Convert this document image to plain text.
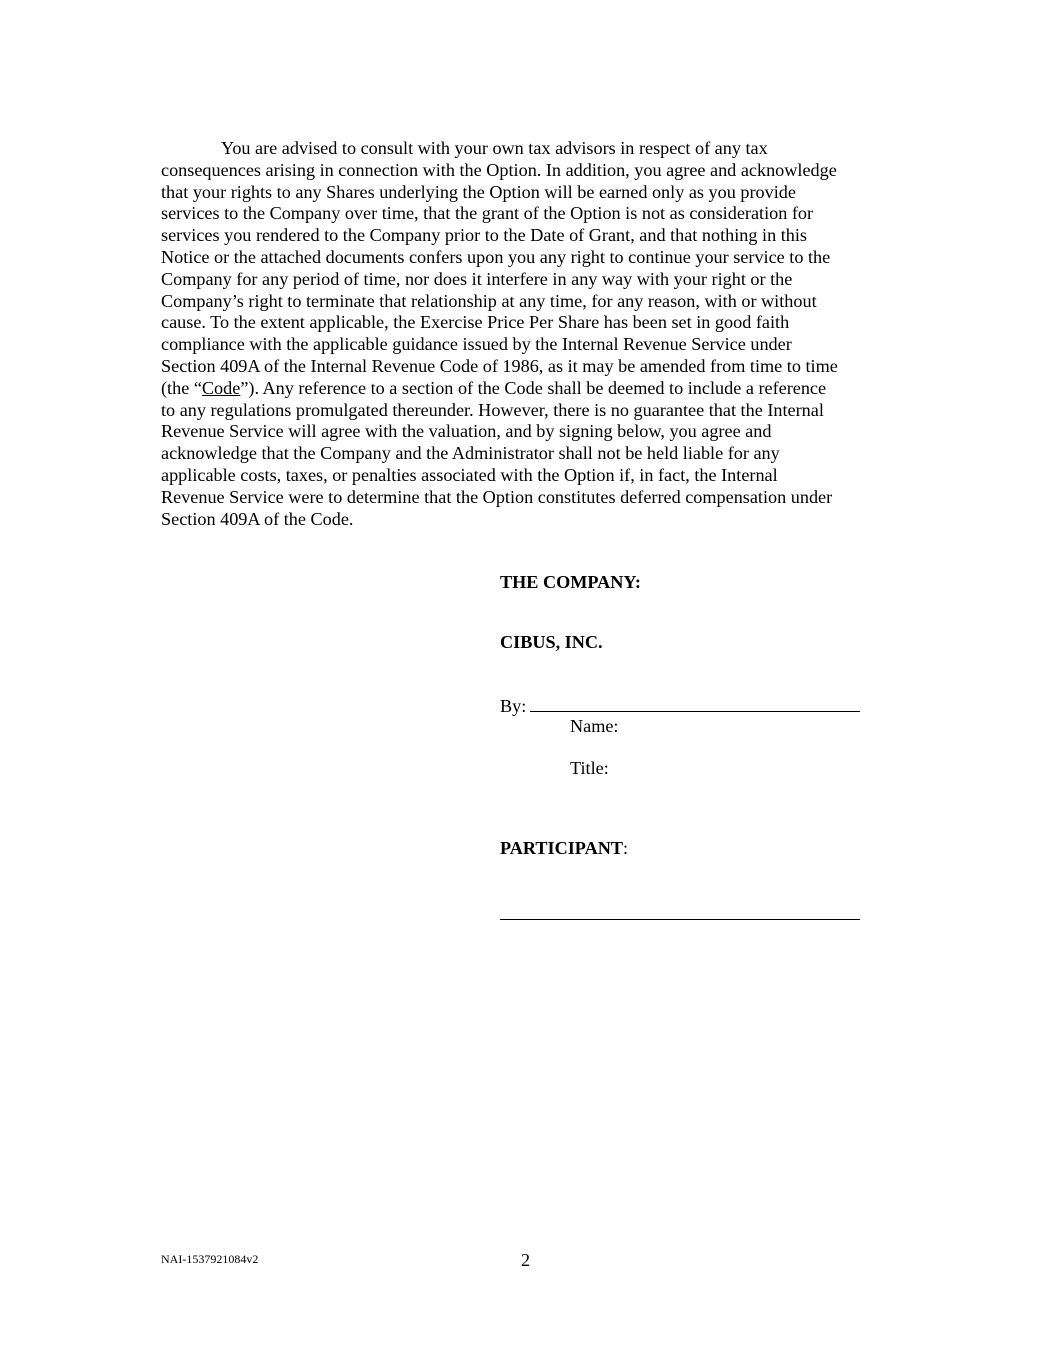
You are advised to consult with your own tax advisors in respect of any tax
consequences arising in connection with the Option. In addition, you agree and acknowledge
that your rights to any Shares underlying the Option will be earned only as you provide
services to the Company over time, that the grant of the Option is not as consideration for
services you rendered to the Company prior to the Date of Grant, and that nothing in this
Notice or the attached documents confers upon you any right to continue your service to the
Company for any period of time, nor does it interfere in any way with your right or the
Company’s right to terminate that relationship at any time, for any reason, with or without
cause. To the extent applicable, the Exercise Price Per Share has been set in good faith
compliance with the applicable guidance issued by the Internal Revenue Service under
Section 409A of the Internal Revenue Code of 1986, as it may be amended from time to time
(the “Code”). Any reference to a section of the Code shall be deemed to include a reference
to any regulations promulgated thereunder. However, there is no guarantee that the Internal
Revenue Service will agree with the valuation, and by signing below, you agree and
acknowledge that the Company and the Administrator shall not be held liable for any
applicable costs, taxes, or penalties associated with the Option if, in fact, the Internal
Revenue Service were to determine that the Option constitutes deferred compensation under
Section 409A of the Code.

THE COMPANY:
CIBUS, INC.
By:
Name:
Title:
PARTICIPANT:
NAI-1537921084v2	2
